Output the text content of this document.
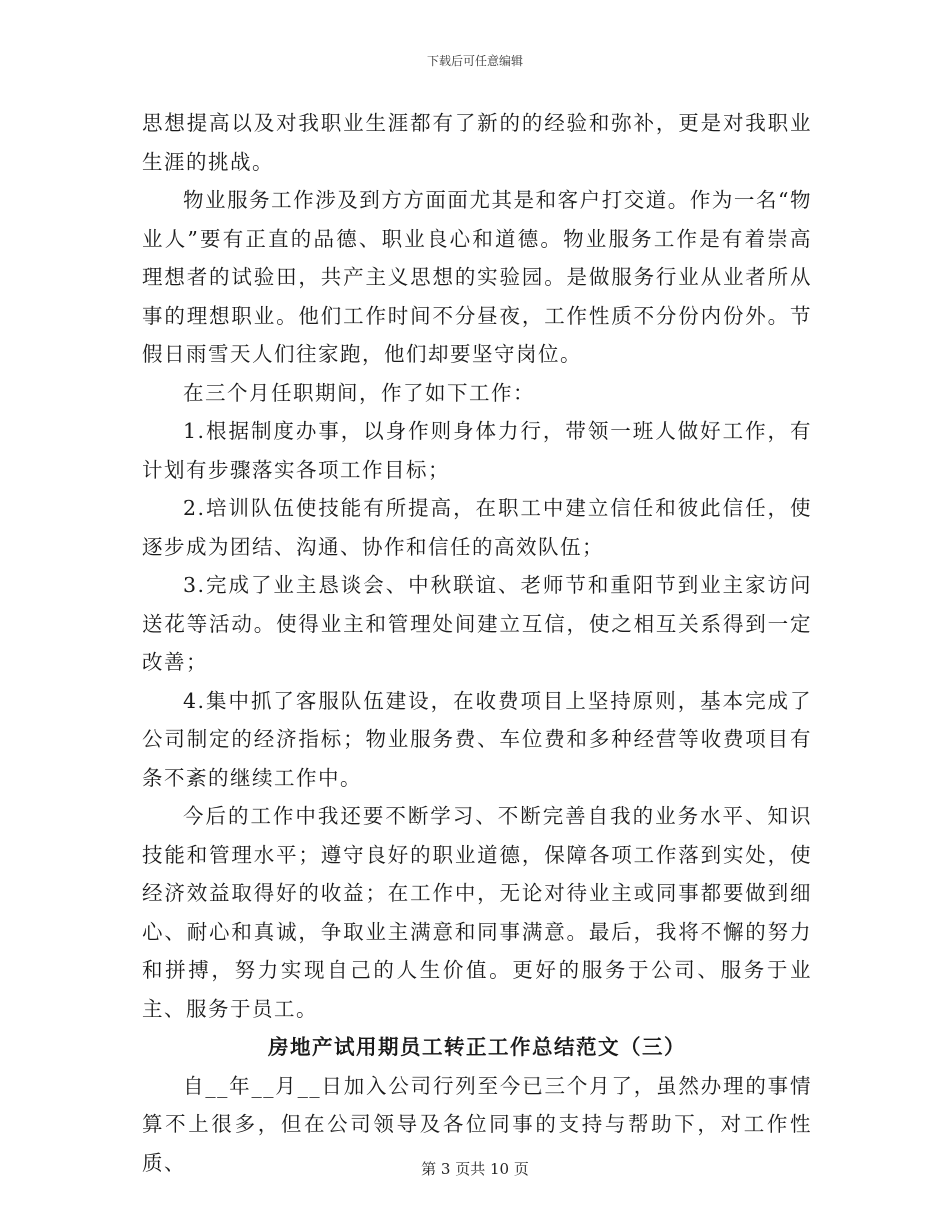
下载后可任意编辑

思想提高以及对我职业生涯都有了新的的经验和弥补，更是对我职业生涯的挑战。

物业服务工作涉及到方方面面尤其是和客户打交道。作为一名“物业人”要有正直的品德、职业良心和道德。物业服务工作是有着崇高理想者的试验田，共产主义思想的实验园。是做服务行业从业者所从事的理想职业。他们工作时间不分昼夜，工作性质不分份内份外。节假日雨雪天人们往家跑，他们却要坚守岗位。

在三个月任职期间，作了如下工作：

1.根据制度办事，以身作则身体力行，带领一班人做好工作，有计划有步骤落实各项工作目标；

2.培训队伍使技能有所提高，在职工中建立信任和彼此信任，使逐步成为团结、沟通、协作和信任的高效队伍；

3.完成了业主恳谈会、中秋联谊、老师节和重阳节到业主家访问送花等活动。使得业主和管理处间建立互信，使之相互关系得到一定改善；

4.集中抓了客服队伍建设，在收费项目上坚持原则，基本完成了公司制定的经济指标；物业服务费、车位费和多种经营等收费项目有条不紊的继续工作中。

今后的工作中我还要不断学习、不断完善自我的业务水平、知识技能和管理水平；遵守良好的职业道德，保障各项工作落到实处，使经济效益取得好的收益；在工作中，无论对待业主或同事都要做到细心、耐心和真诚，争取业主满意和同事满意。最后，我将不懈的努力和拼搏，努力实现自己的人生价值。更好的服务于公司、服务于业主、服务于员工。

房地产试用期员工转正工作总结范文（三）

自__年__月__日加入公司行列至今已三个月了，虽然办理的事情算不上很多，但在公司领导及各位同事的支持与帮助下，对工作性质、	第 3 页共 10 页
